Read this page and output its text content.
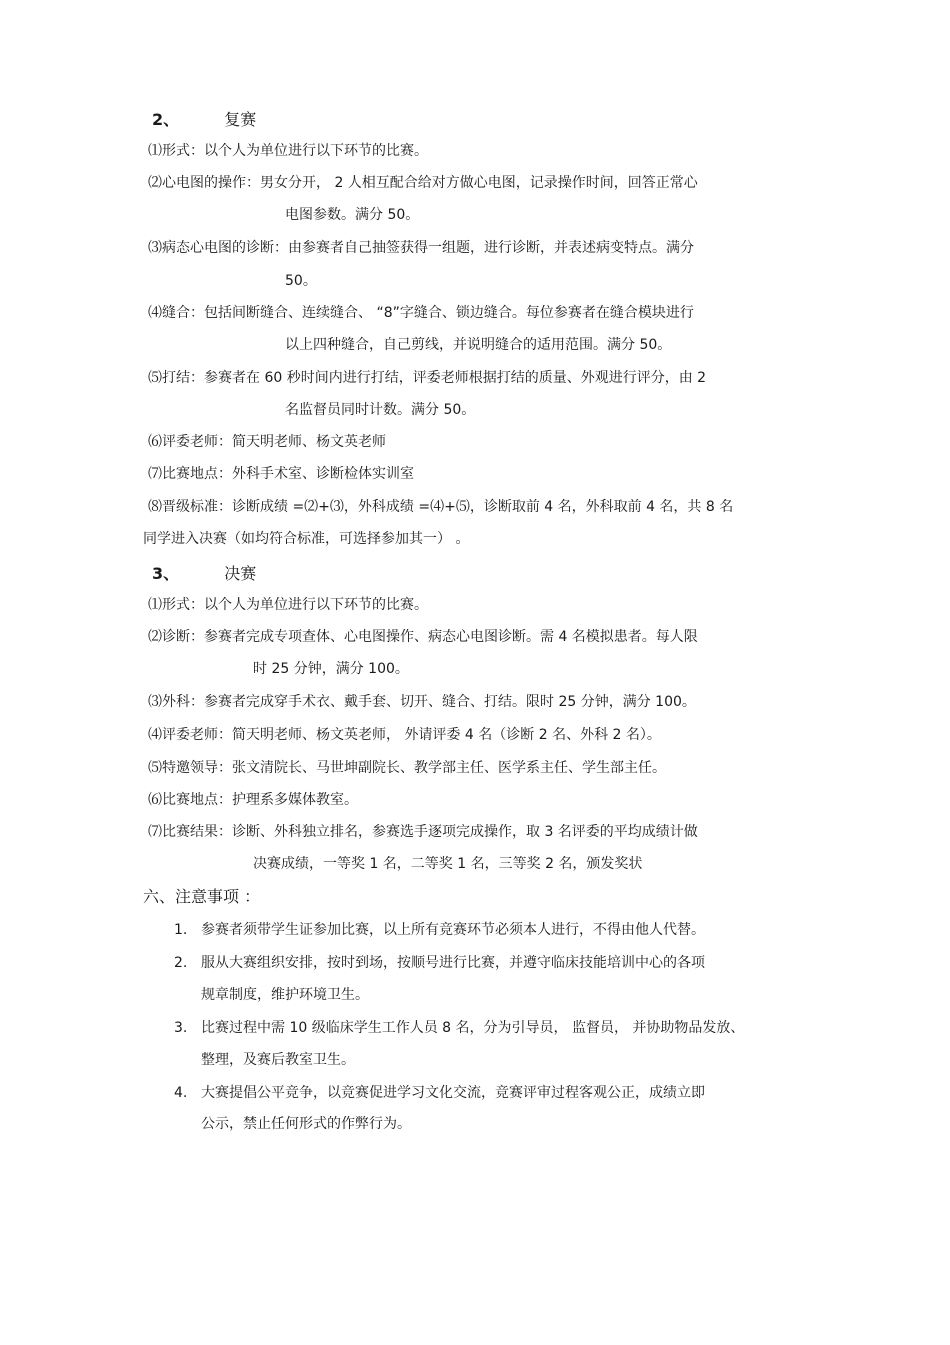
2、	复赛
⑴形式：以个人为单位进行以下环节的比赛。
⑵心电图的操作：男女分开， 2 人相互配合给对方做心电图，记录操作时间，回答正常心
电图参数。满分 50。
⑶病态心电图的诊断：由参赛者自己抽签获得一组题，进行诊断，并表述病变特点。满分
50。
⑷缝合：包括间断缝合、连续缝合、 “8”字缝合、锁边缝合。每位参赛者在缝合模块进行
以上四种缝合，自己剪线，并说明缝合的适用范围。满分 50。
⑸打结：参赛者在 60 秒时间内进行打结，评委老师根据打结的质量、外观进行评分，由 2
名监督员同时计数。满分 50。
⑹评委老师：简天明老师、杨文英老师
⑺比赛地点：外科手术室、诊断检体实训室
⑻晋级标准：诊断成绩 =⑵+⑶，外科成绩 =⑷+⑸，诊断取前 4 名，外科取前 4 名，共 8 名
同学进入决赛（如均符合标准，可选择参加其一） 。
3、	决赛
⑴形式：以个人为单位进行以下环节的比赛。
⑵诊断：参赛者完成专项查体、心电图操作、病态心电图诊断。需 4 名模拟患者。每人限
时 25 分钟，满分 100。
⑶外科：参赛者完成穿手术衣、戴手套、切开、缝合、打结。限时 25 分钟，满分 100。
⑷评委老师：简天明老师、杨文英老师， 外请评委 4 名（诊断 2 名、外科 2 名）。
⑸特邀领导：张文清院长、马世坤副院长、教学部主任、医学系主任、学生部主任。
⑹比赛地点：护理系多媒体教室。
⑺比赛结果：诊断、外科独立排名，参赛选手逐项完成操作，取 3 名评委的平均成绩计做
决赛成绩，一等奖 1 名，二等奖 1 名，三等奖 2 名，颁发奖状
六、注意事项 ：
1. 参赛者须带学生证参加比赛，以上所有竞赛环节必须本人进行，不得由他人代替。
2. 服从大赛组织安排，按时到场，按顺号进行比赛，并遵守临床技能培训中心的各项
规章制度，维护环境卫生。
3. 比赛过程中需 10 级临床学生工作人员 8 名，分为引导员， 监督员， 并协助物品发放、
整理，及赛后教室卫生。
4. 大赛提倡公平竞争，以竞赛促进学习文化交流，竞赛评审过程客观公正，成绩立即
公示，禁止任何形式的作弊行为。
